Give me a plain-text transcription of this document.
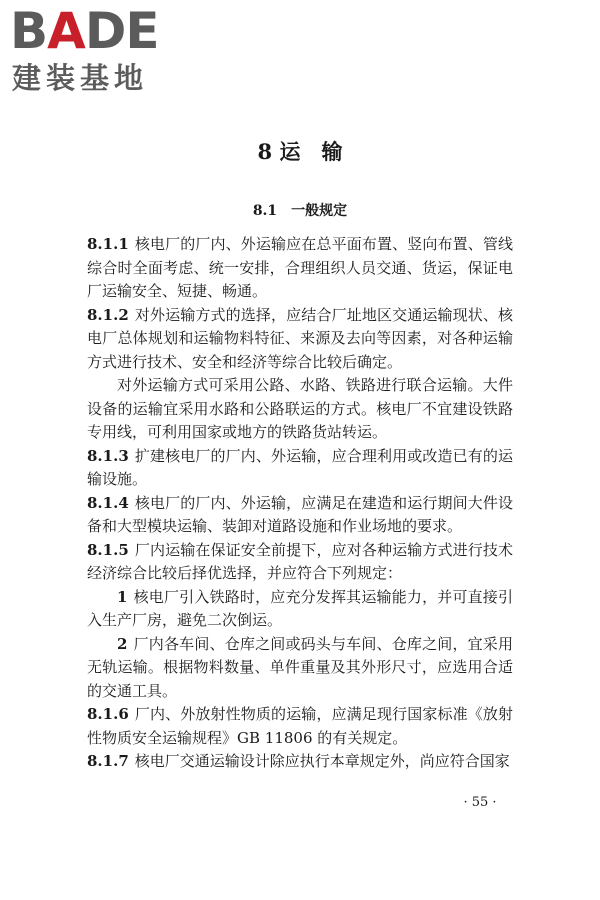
BADE
建装基地
8 运　输
8.1　一般规定

8.1.1 核电厂的厂内、外运输应在总平面布置、竖向布置、管线综合时全面考虑、统一安排，合理组织人员交通、货运，保证电厂运输安全、短捷、畅通。

8.1.2 对外运输方式的选择，应结合厂址地区交通运输现状、核电厂总体规划和运输物料特征、来源及去向等因素，对各种运输方式进行技术、安全和经济等综合比较后确定。

对外运输方式可采用公路、水路、铁路进行联合运输。大件设备的运输宜采用水路和公路联运的方式。核电厂不宜建设铁路专用线，可利用国家或地方的铁路货站转运。

8.1.3 扩建核电厂的厂内、外运输，应合理利用或改造已有的运输设施。

8.1.4 核电厂的厂内、外运输，应满足在建造和运行期间大件设备和大型模块运输、装卸对道路设施和作业场地的要求。

8.1.5 厂内运输在保证安全前提下，应对各种运输方式进行技术经济综合比较后择优选择，并应符合下列规定：

1 核电厂引入铁路时，应充分发挥其运输能力，并可直接引入生产厂房，避免二次倒运。

2 厂内各车间、仓库之间或码头与车间、仓库之间，宜采用无轨运输。根据物料数量、单件重量及其外形尺寸，应选用合适的交通工具。

8.1.6 厂内、外放射性物质的运输，应满足现行国家标准《放射性物质安全运输规程》GB 11806 的有关规定。

8.1.7 核电厂交通运输设计除应执行本章规定外，尚应符合国家

· 55 ·
